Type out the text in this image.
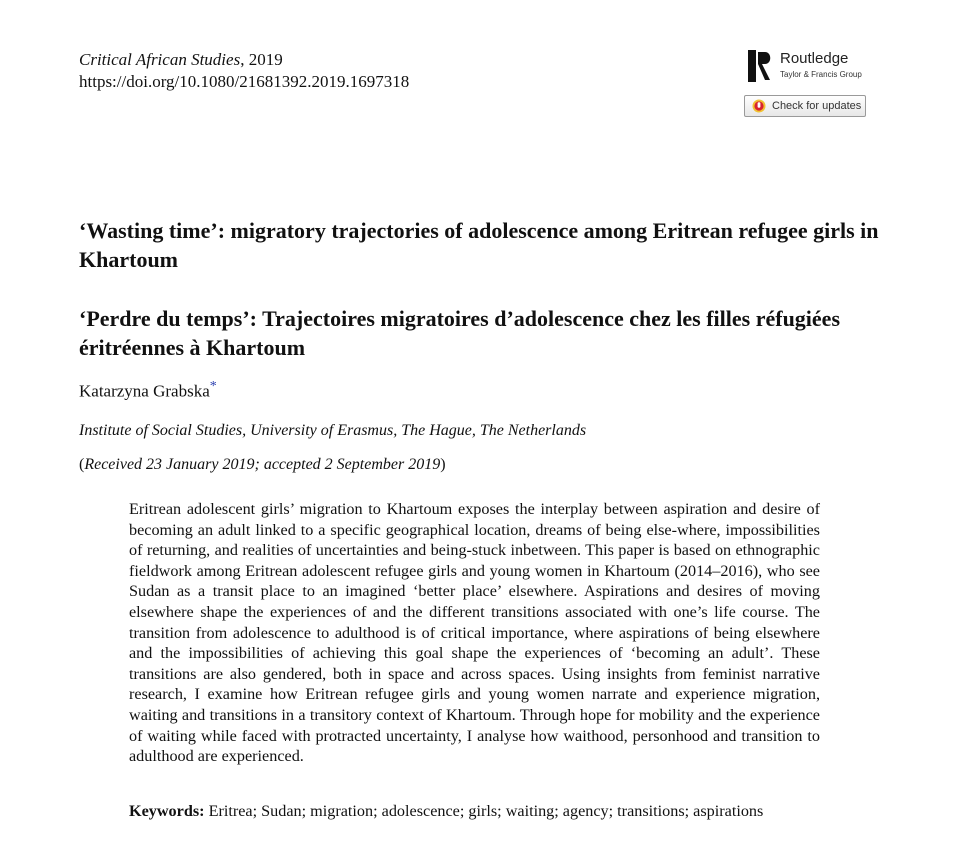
Critical African Studies, 2019
https://doi.org/10.1080/21681392.2019.1697318
Routledge
Taylor & Francis Group
Check for updates
‘Wasting time’: migratory trajectories of adolescence among Eritrean refugee girls in Khartoum
‘Perdre du temps’: Trajectoires migratoires d’adolescence chez les filles réfugiées éritréennes à Khartoum
Katarzyna Grabska*
Institute of Social Studies, University of Erasmus, The Hague, The Netherlands
(Received 23 January 2019; accepted 2 September 2019)

Eritrean adolescent girls’ migration to Khartoum exposes the interplay between aspiration and desire of becoming an adult linked to a specific geographical location, dreams of being else-where, impossibilities of returning, and realities of uncertainties and being-stuck inbetween. This paper is based on ethnographic fieldwork among Eritrean adolescent refugee girls and young women in Khartoum (2014–2016), who see Sudan as a transit place to an imagined ‘better place’ elsewhere. Aspirations and desires of moving elsewhere shape the experiences of and the different transitions associated with one’s life course. The transition from adolescence to adulthood is of critical importance, where aspirations of being elsewhere and the impossibilities of achieving this goal shape the experiences of ‘becoming an adult’. These transitions are also gendered, both in space and across spaces. Using insights from feminist narrative research, I examine how Eritrean refugee girls and young women narrate and experience migration, waiting and transitions in a transitory context of Khartoum. Through hope for mobility and the experience of waiting while faced with protracted uncertainty, I analyse how waithood, personhood and transition to adulthood are experienced.

Keywords: Eritrea; Sudan; migration; adolescence; girls; waiting; agency; transitions; aspirations
